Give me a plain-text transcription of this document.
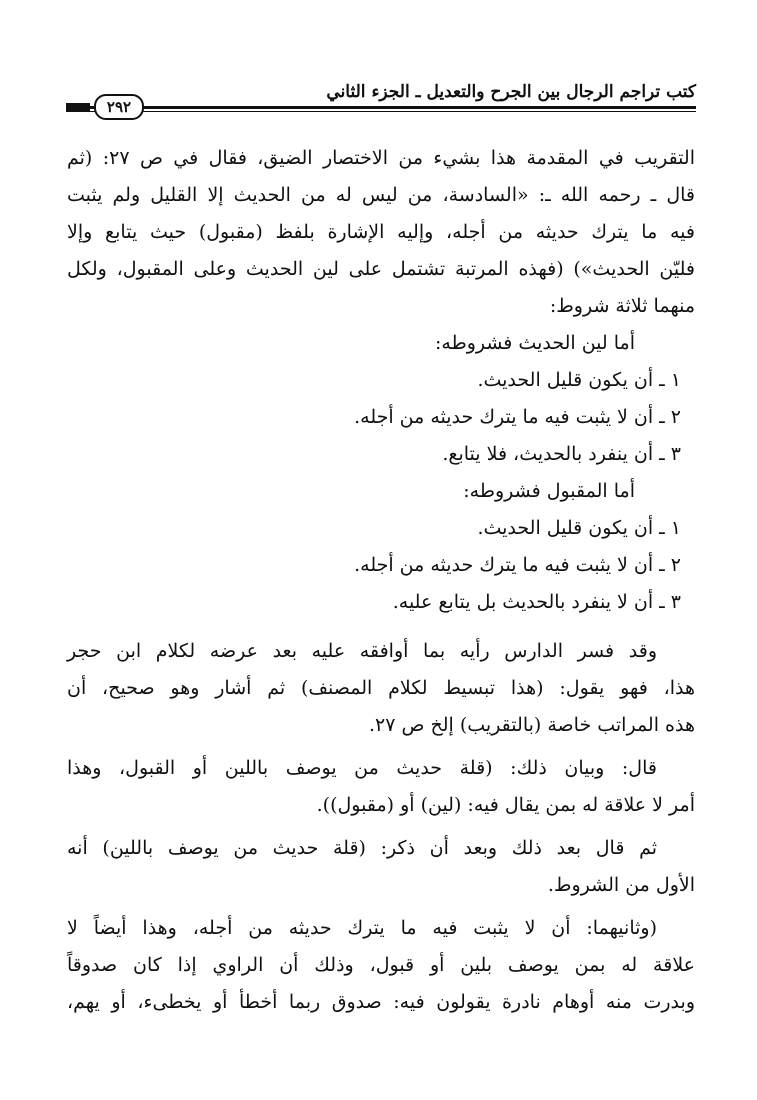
كتب تراجم الرجال بين الجرح والتعديل ـ الجزء الثاني
٢٩٢
التقريب في المقدمة هذا بشيء من الاختصار الضيق، فقال في ص ٢٧: (ثم
قال ـ رحمه الله ـ: «السادسة، من ليس له من الحديث إلا القليل ولم يثبت
فيه ما يترك حديثه من أجله، وإليه الإشارة بلفظ (مقبول) حيث يتابع وإلا
فليّن الحديث») (فهذه المرتبة تشتمل على لين الحديث وعلى المقبول، ولكل
منهما ثلاثة شروط:
أما لين الحديث فشروطه:
١ ـ أن يكون قليل الحديث.
٢ ـ أن لا يثبت فيه ما يترك حديثه من أجله.
٣ ـ أن ينفرد بالحديث، فلا يتابع.
أما المقبول فشروطه:
١ ـ أن يكون قليل الحديث.
٢ ـ أن لا يثبت فيه ما يترك حديثه من أجله.
٣ ـ أن لا ينفرد بالحديث بل يتابع عليه.
وقد فسر الدارس رأيه بما أوافقه عليه بعد عرضه لكلام ابن حجر
هذا، فهو يقول: (هذا تبسيط لكلام المصنف) ثم أشار وهو صحيح، أن
هذه المراتب خاصة (بالتقريب) إلخ ص ٢٧.
قال: وبيان ذلك: (قلة حديث من يوصف باللين أو القبول، وهذا
أمر لا علاقة له بمن يقال فيه: (لين) أو (مقبول)).
ثم قال بعد ذلك وبعد أن ذكر: (قلة حديث من يوصف باللين) أنه
الأول من الشروط.
(وثانيهما: أن لا يثبت فيه ما يترك حديثه من أجله، وهذا أيضاً لا
علاقة له بمن يوصف بلين أو قبول، وذلك أن الراوي إذا كان صدوقاً
وبدرت منه أوهام نادرة يقولون فيه: صدوق ربما أخطأ أو يخطىء، أو يهم،
